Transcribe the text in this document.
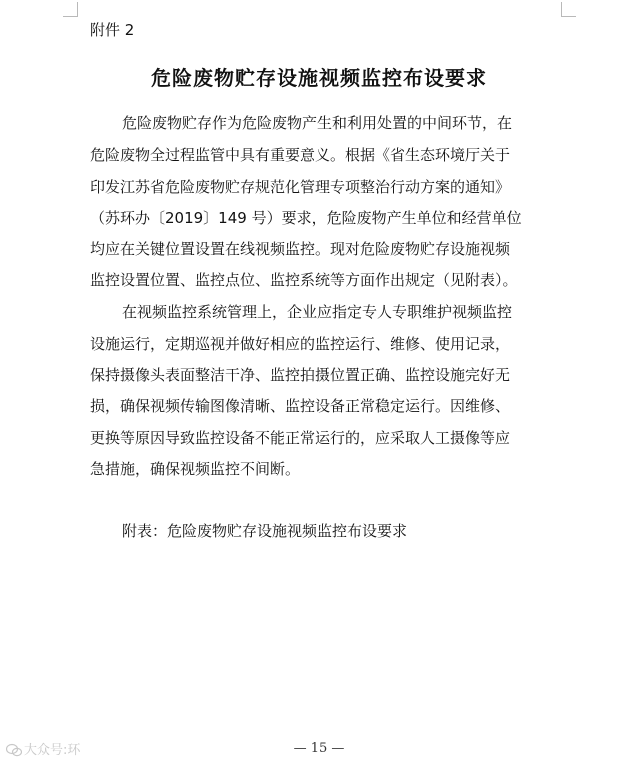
附件 2
危险废物贮存设施视频监控布设要求
危险废物贮存作为危险废物产生和利用处置的中间环节，在
危险废物全过程监管中具有重要意义。根据《省生态环境厅关于
印发江苏省危险废物贮存规范化管理专项整治行动方案的通知》
（苏环办〔2019〕149 号）要求，危险废物产生单位和经营单位
均应在关键位置设置在线视频监控。现对危险废物贮存设施视频
监控设置位置、监控点位、监控系统等方面作出规定（见附表）。
在视频监控系统管理上，企业应指定专人专职维护视频监控
设施运行，定期巡视并做好相应的监控运行、维修、使用记录，
保持摄像头表面整洁干净、监控拍摄位置正确、监控设施完好无
损，确保视频传输图像清晰、监控设备正常稳定运行。因维修、
更换等原因导致监控设备不能正常运行的，应采取人工摄像等应
急措施，确保视频监控不间断。
附表：危险废物贮存设施视频监控布设要求
— 15 —
大众号:环
